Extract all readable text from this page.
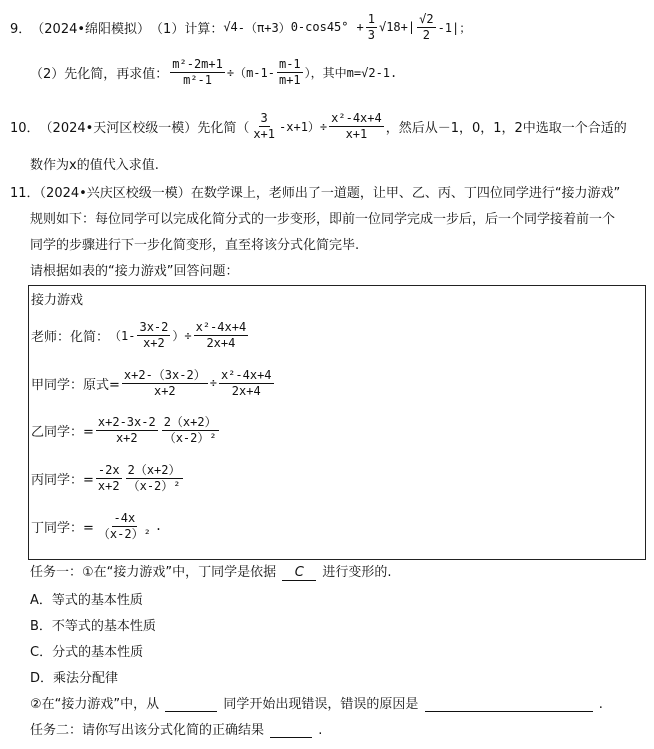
9． （2024•绵阳模拟） （1）计算： √4 -（π+3） 0 $-\cos 45^\circ + \frac{1}{3} √18$ +| $\frac{√2}{2} -1|$；
（2）先化简，再求值： $\frac{\text{m²-2m+1}}{\text{m²-1}} \div(m-1- \frac{m-1}{m+1}$ ），其中m=√2-1.
10． （2024•天河区校级一模） 先化简（ $\frac{3}{x+1} -x+1)\div \frac{\text{x²-4x+4}}{x+1}$ ，然后从－1，0，1，2中选取一个合适的
数作为x的值代入求值.
11．（2024•兴庆区校级一模）在数学课上，老师出了一道题，让甲、乙、丙、丁四位同学进行“接力游戏”
规则如下：每位同学可以完成化简分式的一步变形，即前一位同学完成一步后，后一个同学接着前一个
同学的步骤进行下一步化简变形，直至将该分式化简完毕.
请根据如表的“接力游戏”回答问题：
接力游戏
老师：化简： （$1- \frac{3x-2}{x+2}$ ）÷ $\frac{\text{x²-4x+4}}{2x+4}$
甲同学：原式= $\frac{x+2-(3x-2)}{x+2} \div \frac{\text{x²-4x+4}}{2x+4}$
乙同学：= $\frac{x+2-3x-2}{x+2} \frac{2(x+2)}{\text{（x-2）²}}$
丙同学：= $\frac{-2x}{x+2} \frac{2(x+2)}{\text{（x-2）²}}$
丁同学：= $\frac{-4x}{\text{（x-2）²}}$ .
任务一：①在“接力游戏”中，丁同学是依据 C 进行变形的.
A．等式的基本性质
B．不等式的基本性质
C．分式的基本性质
D．乘法分配律
②在“接力游戏”中，从	同学开始出现错误，错误的原因是	.
任务二：请你写出该分式化简的正确结果	.
